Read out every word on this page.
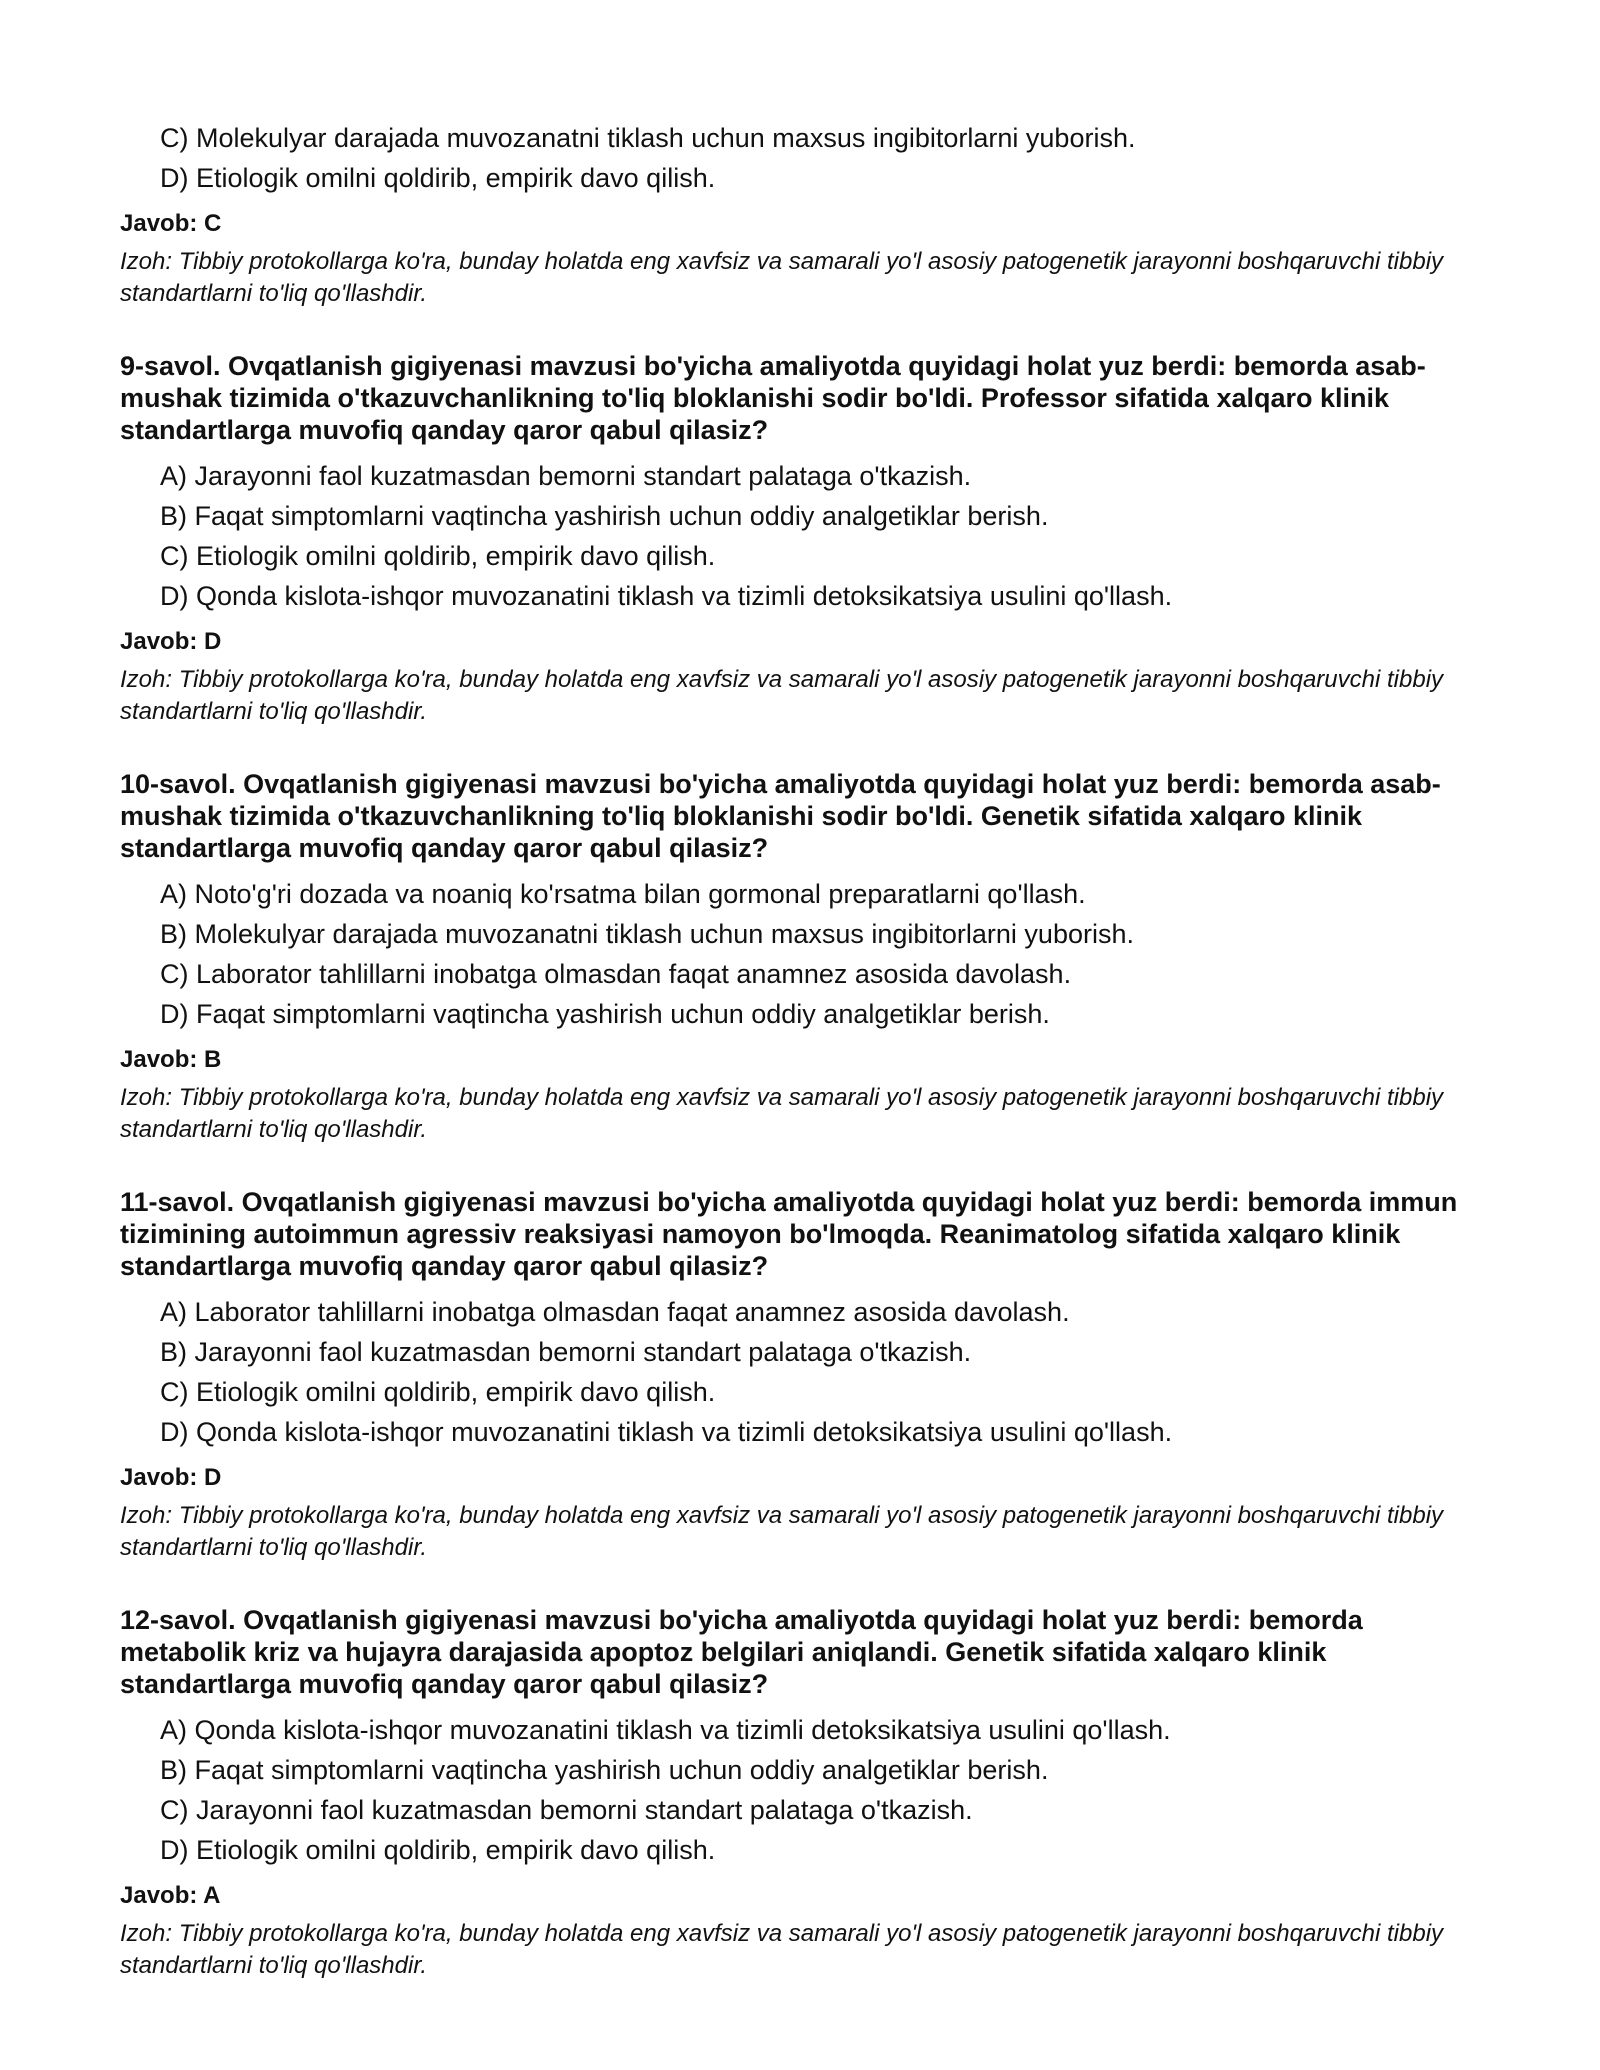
C) Molekulyar darajada muvozanatni tiklash uchun maxsus ingibitorlarni yuborish.
D) Etiologik omilni qoldirib, empirik davo qilish.
Javob: C
Izoh: Tibbiy protokollarga ko'ra, bunday holatda eng xavfsiz va samarali yo'l asosiy patogenetik jarayonni boshqaruvchi tibbiy standartlarni to'liq qo'llashdir.
9-savol. Ovqatlanish gigiyenasi mavzusi bo'yicha amaliyotda quyidagi holat yuz berdi: bemorda asab-mushak tizimida o'tkazuvchanlikning to'liq bloklanishi sodir bo'ldi. Professor sifatida xalqaro klinik standartlarga muvofiq qanday qaror qabul qilasiz?
A) Jarayonni faol kuzatmasdan bemorni standart palataga o'tkazish.
B) Faqat simptomlarni vaqtincha yashirish uchun oddiy analgetiklar berish.
C) Etiologik omilni qoldirib, empirik davo qilish.
D) Qonda kislota-ishqor muvozanatini tiklash va tizimli detoksikatsiya usulini qo'llash.
Javob: D
Izoh: Tibbiy protokollarga ko'ra, bunday holatda eng xavfsiz va samarali yo'l asosiy patogenetik jarayonni boshqaruvchi tibbiy standartlarni to'liq qo'llashdir.
10-savol. Ovqatlanish gigiyenasi mavzusi bo'yicha amaliyotda quyidagi holat yuz berdi: bemorda asab-mushak tizimida o'tkazuvchanlikning to'liq bloklanishi sodir bo'ldi. Genetik sifatida xalqaro klinik standartlarga muvofiq qanday qaror qabul qilasiz?
A) Noto'g'ri dozada va noaniq ko'rsatma bilan gormonal preparatlarni qo'llash.
B) Molekulyar darajada muvozanatni tiklash uchun maxsus ingibitorlarni yuborish.
C) Laborator tahlillarni inobatga olmasdan faqat anamnez asosida davolash.
D) Faqat simptomlarni vaqtincha yashirish uchun oddiy analgetiklar berish.
Javob: B
Izoh: Tibbiy protokollarga ko'ra, bunday holatda eng xavfsiz va samarali yo'l asosiy patogenetik jarayonni boshqaruvchi tibbiy standartlarni to'liq qo'llashdir.
11-savol. Ovqatlanish gigiyenasi mavzusi bo'yicha amaliyotda quyidagi holat yuz berdi: bemorda immun tizimining autoimmun agressiv reaksiyasi namoyon bo'lmoqda. Reanimatolog sifatida xalqaro klinik standartlarga muvofiq qanday qaror qabul qilasiz?
A) Laborator tahlillarni inobatga olmasdan faqat anamnez asosida davolash.
B) Jarayonni faol kuzatmasdan bemorni standart palataga o'tkazish.
C) Etiologik omilni qoldirib, empirik davo qilish.
D) Qonda kislota-ishqor muvozanatini tiklash va tizimli detoksikatsiya usulini qo'llash.
Javob: D
Izoh: Tibbiy protokollarga ko'ra, bunday holatda eng xavfsiz va samarali yo'l asosiy patogenetik jarayonni boshqaruvchi tibbiy standartlarni to'liq qo'llashdir.
12-savol. Ovqatlanish gigiyenasi mavzusi bo'yicha amaliyotda quyidagi holat yuz berdi: bemorda metabolik kriz va hujayra darajasida apoptoz belgilari aniqlandi. Genetik sifatida xalqaro klinik standartlarga muvofiq qanday qaror qabul qilasiz?
A) Qonda kislota-ishqor muvozanatini tiklash va tizimli detoksikatsiya usulini qo'llash.
B) Faqat simptomlarni vaqtincha yashirish uchun oddiy analgetiklar berish.
C) Jarayonni faol kuzatmasdan bemorni standart palataga o'tkazish.
D) Etiologik omilni qoldirib, empirik davo qilish.
Javob: A
Izoh: Tibbiy protokollarga ko'ra, bunday holatda eng xavfsiz va samarali yo'l asosiy patogenetik jarayonni boshqaruvchi tibbiy standartlarni to'liq qo'llashdir.
